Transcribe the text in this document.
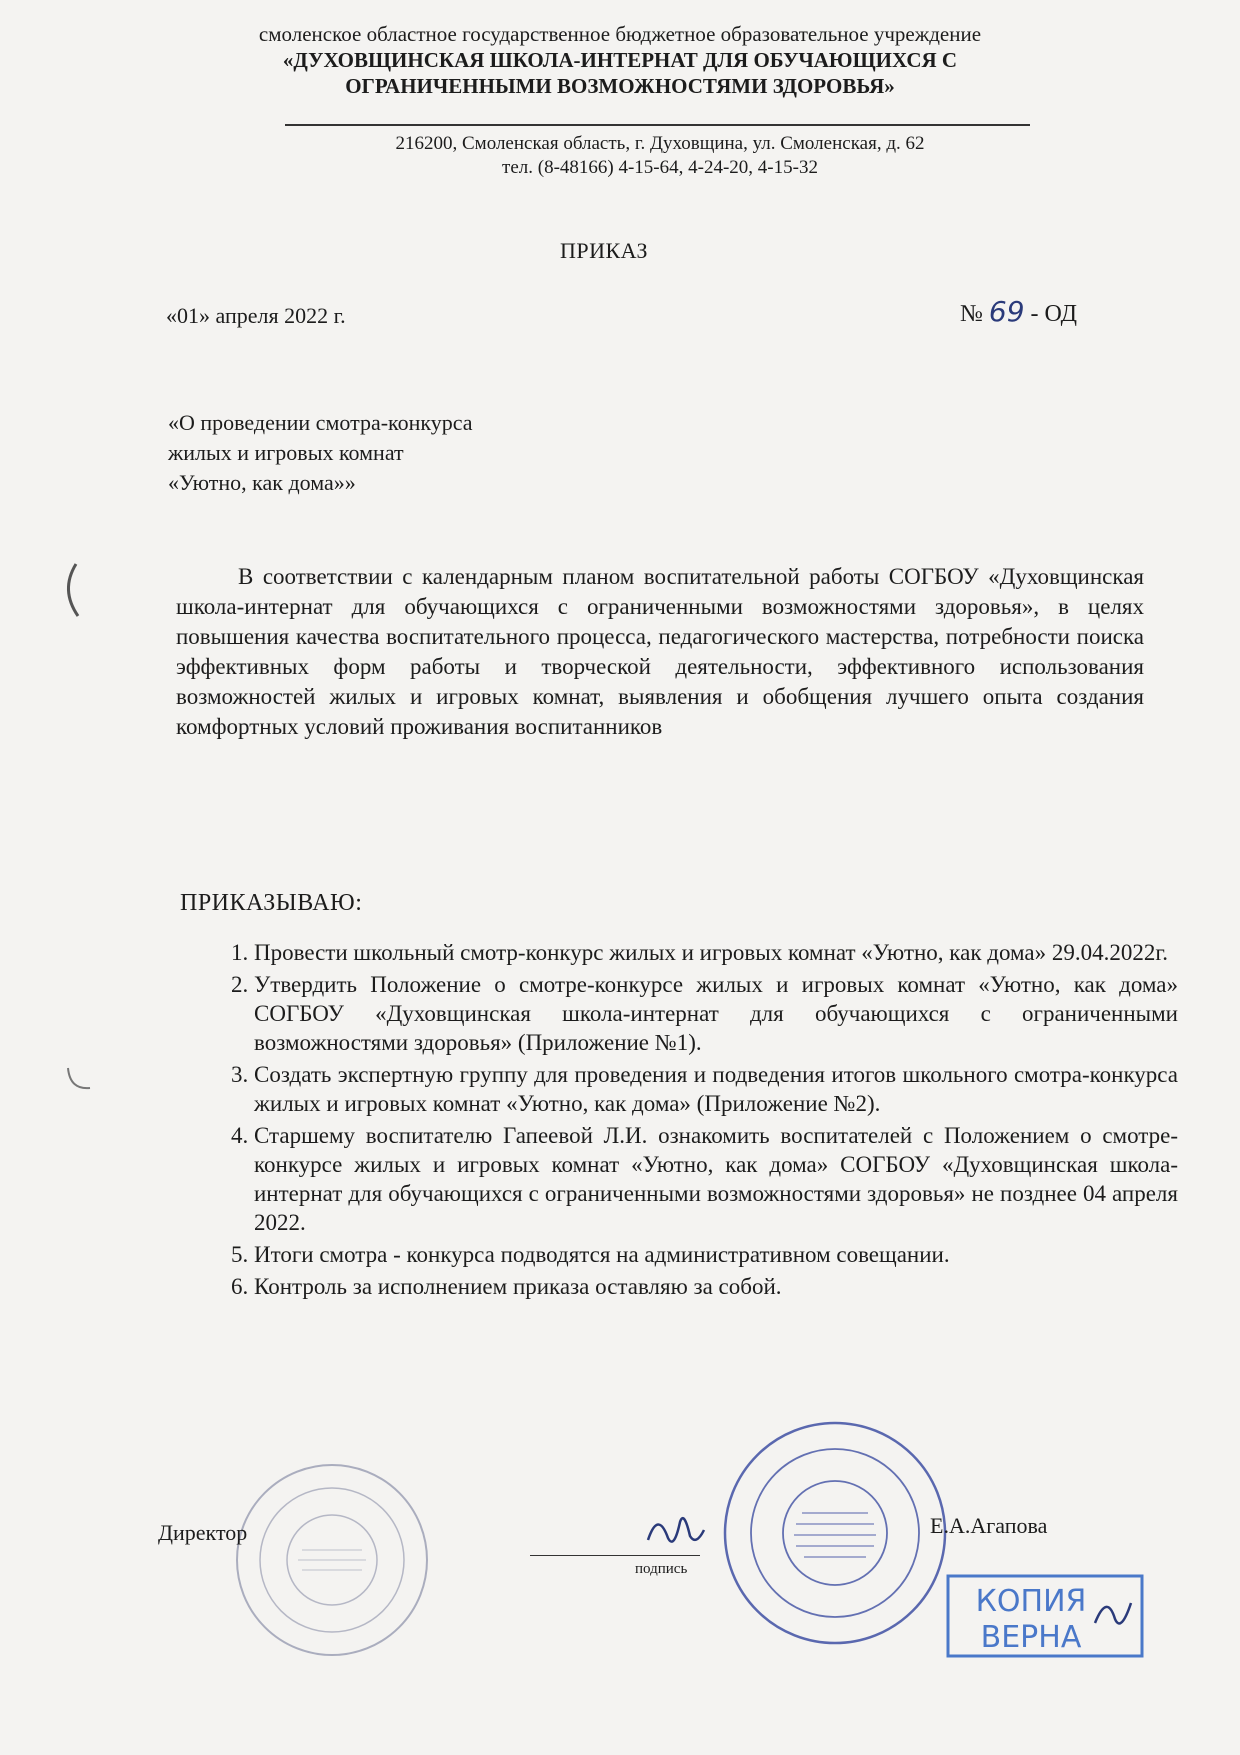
смоленское областное государственное бюджетное образовательное учреждение
«ДУХОВЩИНСКАЯ ШКОЛА-ИНТЕРНАТ ДЛЯ ОБУЧАЮЩИХСЯ С
ОГРАНИЧЕННЫМИ ВОЗМОЖНОСТЯМИ ЗДОРОВЬЯ»
216200, Смоленская область, г. Духовщина, ул. Смоленская, д. 62
тел. (8-48166) 4-15-64, 4-24-20, 4-15-32
ПРИКАЗ
«01» апреля 2022 г.	№ 69 - ОД
«О проведении смотра-конкурса
жилых и игровых комнат
«Уютно, как дома»»
В соответствии с календарным планом воспитательной работы СОГБОУ «Духовщинская школа-интернат для обучающихся с ограниченными возможностями здоровья», в целях повышения качества воспитательного процесса, педагогического мастерства, потребности поиска эффективных форм работы и творческой деятельности, эффективного использования возможностей жилых и игровых комнат, выявления и обобщения лучшего опыта создания комфортных условий проживания воспитанников
ПРИКАЗЫВАЮ:
1. Провести школьный смотр-конкурс жилых и игровых комнат «Уютно, как дома» 29.04.2022г.
2. Утвердить Положение о смотре-конкурсе жилых и игровых комнат «Уютно, как дома» СОГБОУ «Духовщинская школа-интернат для обучающихся с ограниченными возможностями здоровья» (Приложение №1).
3. Создать экспертную группу для проведения и подведения итогов школьного смотра-конкурса жилых и игровых комнат «Уютно, как дома» (Приложение №2).
4. Старшему воспитателю Гапеевой Л.И. ознакомить воспитателей с Положением о смотре-конкурсе жилых и игровых комнат «Уютно, как дома» СОГБОУ «Духовщинская школа-интернат для обучающихся с ограниченными возможностями здоровья» не позднее 04 апреля 2022.
5. Итоги смотра - конкурса подводятся на административном совещании.
6. Контроль за исполнением приказа оставляю за собой.
Директор
подпись
Е.А.Агапова
КОПИЯ
ВЕРНА
